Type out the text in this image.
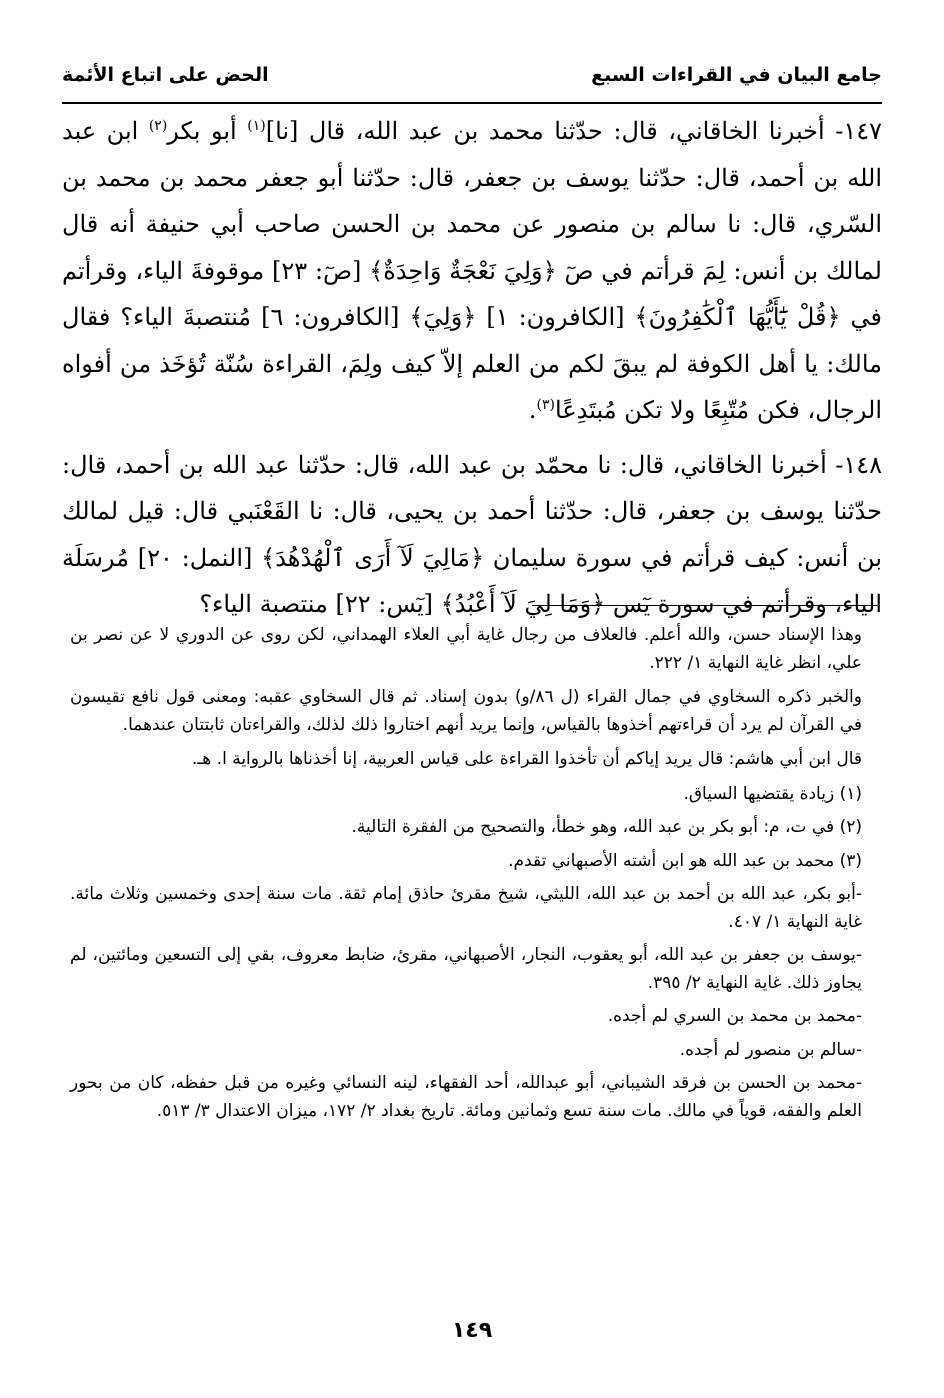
جامع البيان في القراءات السبع
الحض على اتباع الأئمة

١٤٧- أخبرنا الخاقاني، قال: حدّثنا محمد بن عبد الله، قال [نا]$^{(١)}$ أبو بكر$^{(٢)}$ ابن عبد الله بن أحمد، قال: حدّثنا يوسف بن جعفر، قال: حدّثنا أبو جعفر محمد بن محمد بن السّري، قال: نا سالم بن منصور عن محمد بن الحسن صاحب أبي حنيفة أنه قال لمالك بن أنس: لِمَ قرأتم في صٓ ﴿وَلِيَ نَعْجَةٌ وَاحِدَةٌ﴾ [صٓ: ٢٣] موقوفةَ الياء، وقرأتم في ﴿قُلْ يَٰٓأَيُّهَا ٱلْكَٰفِرُونَ﴾ [الكافرون: ١] ﴿وَلِيَ﴾ [الكافرون: ٦] مُنتصبةَ الياء؟ فقال مالك: يا أهل الكوفة لم يبقَ لكم من العلم إلاّ كيف ولِمَ، القراءة سُنّة تُؤخَذ من أفواه الرجال، فكن مُتّبِعًا ولا تكن مُبتَدِعًا$^{(٣)}$.

١٤٨- أخبرنا الخاقاني، قال: نا محمّد بن عبد الله، قال: حدّثنا عبد الله بن أحمد، قال: حدّثنا يوسف بن جعفر، قال: حدّثنا أحمد بن يحيى، قال: نا القَعْنَبي قال: قيل لمالك بن أنس: كيف قرأتم في سورة سليمان ﴿مَالِيَ لَآ أَرَى ٱلْهُدْهُدَ﴾ [النمل: ٢٠] مُرسَلَة الياء، وقرأتم في سورة يٓس ﴿وَمَا لِيَ لَآ أَعْبُدُ﴾ [يٓس: ٢٢] منتصبة الياء؟

وهذا الإسناد حسن، والله أعلم. فالعلاف من رجال غاية أبي العلاء الهمداني، لكن روى عن الدوري لا عن نصر بن علي، انظر غاية النهاية ١/ ٢٢٢.

والخبر ذكره السخاوي في جمال القراء (ل ٨٦/و) بدون إسناد. ثم قال السخاوي عقبه: ومعنى قول نافع تقيسون في القرآن لم يرد أن قراءتهم أخذوها بالقياس، وإنما يريد أنهم اختاروا ذلك لذلك، والقراءتان ثابتتان عندهما.

قال ابن أبي هاشم: قال يريد إياكم أن تأخذوا القراءة على قياس العربية، إنا أخذناها بالرواية ا. هـ.

(١) زيادة يقتضيها السياق.

(٢) في ت، م: أبو بكر بن عبد الله، وهو خطأ، والتصحيح من الفقرة التالية.

(٣) محمد بن عبد الله هو ابن أشته الأصبهاني تقدم.

-أبو بكر، عبد الله بن أحمد بن عبد الله، الليثي، شيخ مقرئ حاذق إمام ثقة. مات سنة إحدى وخمسين وثلاث مائة. غاية النهاية ١/ ٤٠٧.

-يوسف بن جعفر بن عبد الله، أبو يعقوب، النجار، الأصبهاني، مقرئ، ضابط معروف، بقي إلى التسعين ومائتين، لم يجاوز ذلك. غاية النهاية ٢/ ٣٩٥.

-محمد بن محمد بن السري لم أجده.

-سالم بن منصور لم أجده.

-محمد بن الحسن بن فرقد الشيباني، أبو عبدالله، أحد الفقهاء، لينه النسائي وغيره من قبل حفظه، كان من بحور العلم والفقه، قوياً في مالك. مات سنة تسع وثمانين ومائة. تاريخ بغداد ٢/ ١٧٢، ميزان الاعتدال ٣/ ٥١٣.

١٤٩
